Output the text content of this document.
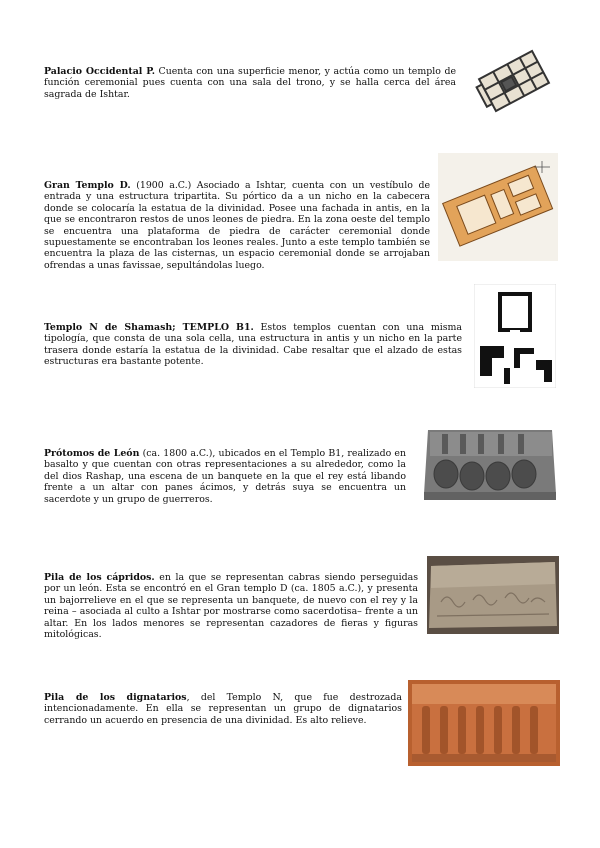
Palacio Occidental P. Cuenta con una superficie menor, y actúa como un templo de función ceremonial pues cuenta con una sala del trono, y se halla cerca del área sagrada de Ishtar.

Gran Templo D. (1900 a.C.) Asociado a Ishtar, cuenta con un vestíbulo de entrada y una estructura tripartita. Su pórtico da a un nicho en la cabecera donde se colocaría la estatua de la divinidad. Posee una fachada in antis, en la que se encontraron restos de unos leones de piedra. En la zona oeste del templo se encuentra una plataforma de piedra de carácter ceremonial donde supuestamente se encontraban los leones reales. Junto a este templo también se encuentra la plaza de las cisternas, un espacio ceremonial donde se arrojaban ofrendas a unas favissae, sepultándolas luego.

Templo N de Shamash; TEMPLO B1. Estos templos cuentan con una misma tipología, que consta de una sola cella, una estructura in antis y un nicho en la parte trasera donde estaría la estatua de la divinidad. Cabe resaltar que el alzado de estas estructuras era bastante potente.

Prótomos de León (ca. 1800 a.C.), ubicados en el Templo B1, realizado en basalto y que cuentan con otras representaciones a su alrededor, como la del dios Rashap, una escena de un banquete en la que el rey está libando frente a un altar con panes ácimos, y detrás suya se encuentra un sacerdote y un grupo de guerreros.

Pila de los cápridos. en la que se representan cabras siendo perseguidas por un león. Esta se encontró en el Gran templo D (ca. 1805 a.C.), y presenta un bajorrelieve en el que se representa un banquete, de nuevo con el rey y la reina – asociada al culto a Ishtar por mostrarse como sacerdotisa– frente a un altar. En los lados menores se representan cazadores de fieras y figuras mitológicas.

Pila de los dignatarios, del Templo N, que fue destrozada intencionadamente. En ella se representan un grupo de dignatarios cerrando un acuerdo en presencia de una divinidad. Es alto relieve.
